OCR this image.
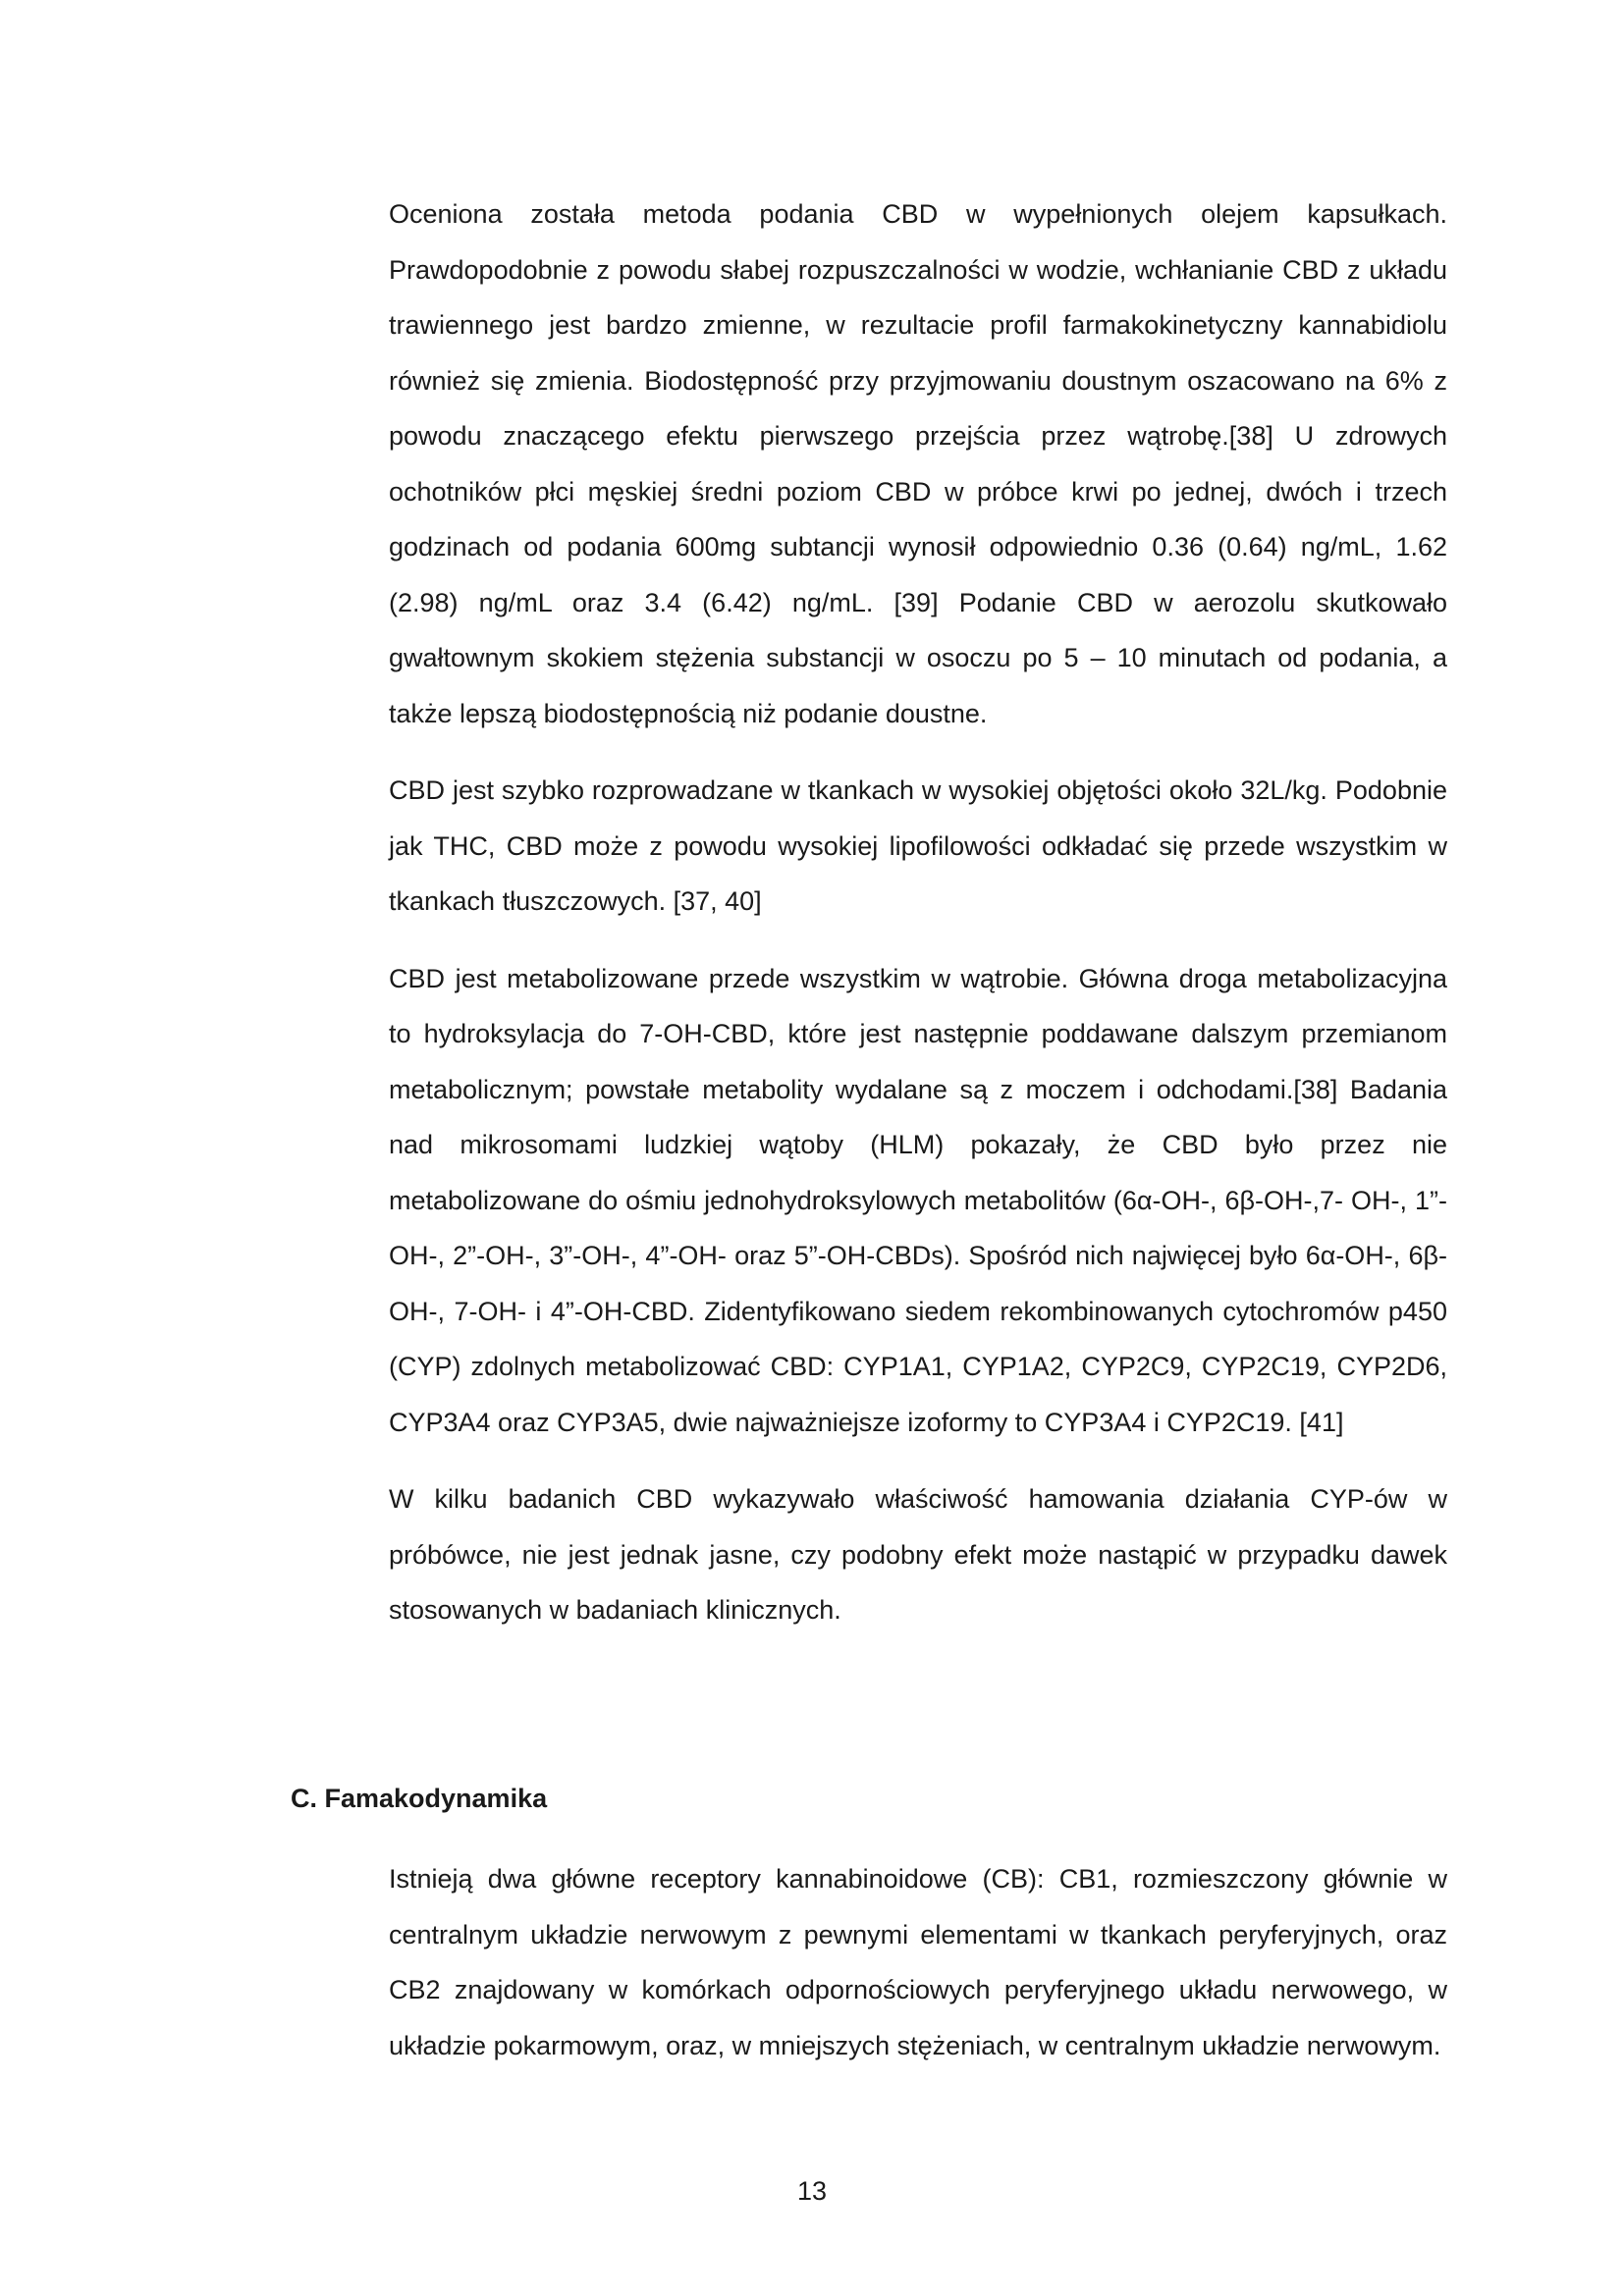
Oceniona została metoda podania CBD w wypełnionych olejem kapsułkach. Prawdopodobnie z powodu słabej rozpuszczalności w wodzie, wchłanianie CBD z układu trawiennego jest bardzo zmienne, w rezultacie profil farmakokinetyczny kannabidiolu również się zmienia. Biodostępność przy przyjmowaniu doustnym oszacowano na 6% z powodu znaczącego efektu pierwszego przejścia przez wątrobę.[38] U zdrowych ochotników płci męskiej średni poziom CBD w próbce krwi po jednej, dwóch i trzech godzinach od podania 600mg subtancji wynosił odpowiednio 0.36 (0.64) ng/mL, 1.62 (2.98) ng/mL oraz 3.4 (6.42) ng/mL. [39] Podanie CBD w aerozolu skutkowało gwałtownym skokiem stężenia substancji w osoczu po 5 – 10 minutach od podania, a także lepszą biodostępnością niż podanie doustne.

CBD jest szybko rozprowadzane w tkankach w wysokiej objętości około 32L/kg. Podobnie jak THC, CBD może z powodu wysokiej lipofilowości odkładać się przede wszystkim w tkankach tłuszczowych. [37, 40]

CBD jest metabolizowane przede wszystkim w wątrobie. Główna droga metabolizacyjna to hydroksylacja do 7-OH-CBD, które jest następnie poddawane dalszym przemianom metabolicznym; powstałe metabolity wydalane są z moczem i odchodami.[38] Badania nad mikrosomami ludzkiej wątoby (HLM) pokazały, że CBD było przez nie metabolizowane do ośmiu jednohydroksylowych metabolitów (6α-OH-, 6β-OH-,7- OH-, 1”-OH-, 2”-OH-, 3”-OH-, 4”-OH- oraz 5”-OH-CBDs). Spośród nich najwięcej było 6α-OH-, 6β-OH-, 7-OH- i 4”-OH-CBD. Zidentyfikowano siedem rekombinowanych cytochromów p450 (CYP) zdolnych metabolizować CBD: CYP1A1, CYP1A2, CYP2C9, CYP2C19, CYP2D6, CYP3A4 oraz CYP3A5, dwie najważniejsze izoformy to CYP3A4 i CYP2C19. [41]

W kilku badanich CBD wykazywało właściwość hamowania działania CYP-ów w próbówce, nie jest jednak jasne, czy podobny efekt może nastąpić w przypadku dawek stosowanych w badaniach klinicznych.

C. Famakodynamika

Istnieją dwa główne receptory kannabinoidowe (CB): CB1, rozmieszczony głównie w centralnym układzie nerwowym z pewnymi elementami w tkankach peryferyjnych, oraz CB2 znajdowany w komórkach odpornościowych peryferyjnego układu nerwowego, w układzie pokarmowym, oraz, w mniejszych stężeniach, w centralnym układzie nerwowym.

13
